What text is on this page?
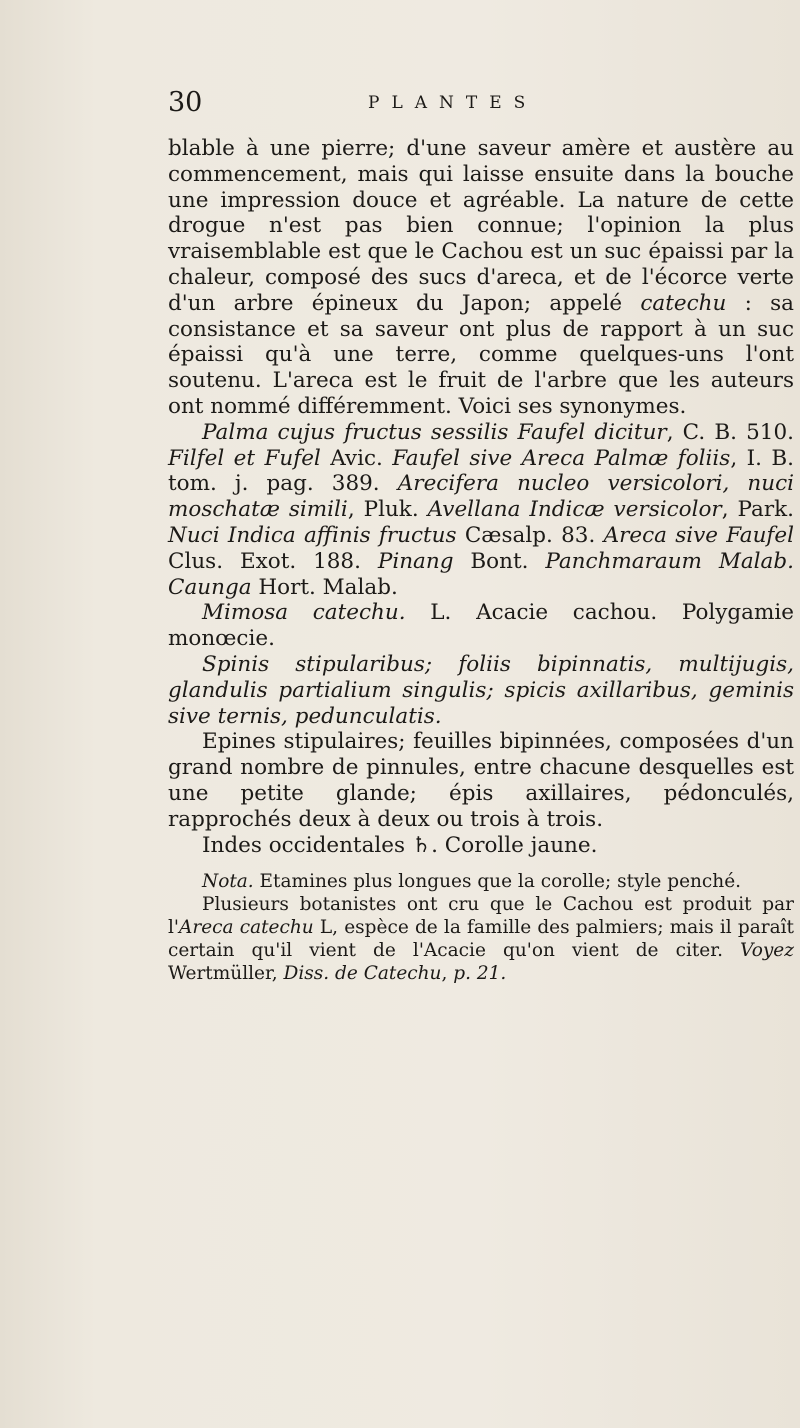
30	PLANTES

blable à une pierre; d'une saveur amère et austère au commencement, mais qui laisse ensuite dans la bouche une impression douce et agréable. La nature de cette drogue n'est pas bien connue; l'opinion la plus vraisemblable est que le Cachou est un suc épaissi par la chaleur, composé des sucs d'areca, et de l'écorce verte d'un arbre épineux du Japon; appelé catechu : sa consistance et sa saveur ont plus de rapport à un suc épaissi qu'à une terre, comme quelques-uns l'ont soutenu. L'areca est le fruit de l'arbre que les auteurs ont nommé différemment. Voici ses synonymes.

Palma cujus fructus sessilis Faufel dicitur, C. B. 510. Filfel et Fufel Avic. Faufel sive Areca Palmæ foliis, I. B. tom. j. pag. 389. Arecifera nucleo versicolori, nuci moschatæ simili, Pluk. Avellana Indicæ versicolor, Park. Nuci Indica affinis fructus Cæsalp. 83. Areca sive Faufel Clus. Exot. 188. Pinang Bont. Panchmaraum Malab. Caunga Hort. Malab.

Mimosa catechu. L. Acacie cachou. Polygamie monœcie.

Spinis stipularibus; foliis bipinnatis, multijugis, glandulis partialium singulis; spicis axillaribus, geminis sive ternis, pedunculatis.

Epines stipulaires; feuilles bipinnées, composées d'un grand nombre de pinnules, entre chacune desquelles est une petite glande; épis axillaires, pédonculés, rapprochés deux à deux ou trois à trois.

Indes occidentales ♄. Corolle jaune.

Nota. Etamines plus longues que la corolle; style penché.

Plusieurs botanistes ont cru que le Cachou est produit par l'Areca catechu L, espèce de la famille des palmiers; mais il paraît certain qu'il vient de l'Acacie qu'on vient de citer. Voyez Wertmüller, Diss. de Catechu, p. 21.
